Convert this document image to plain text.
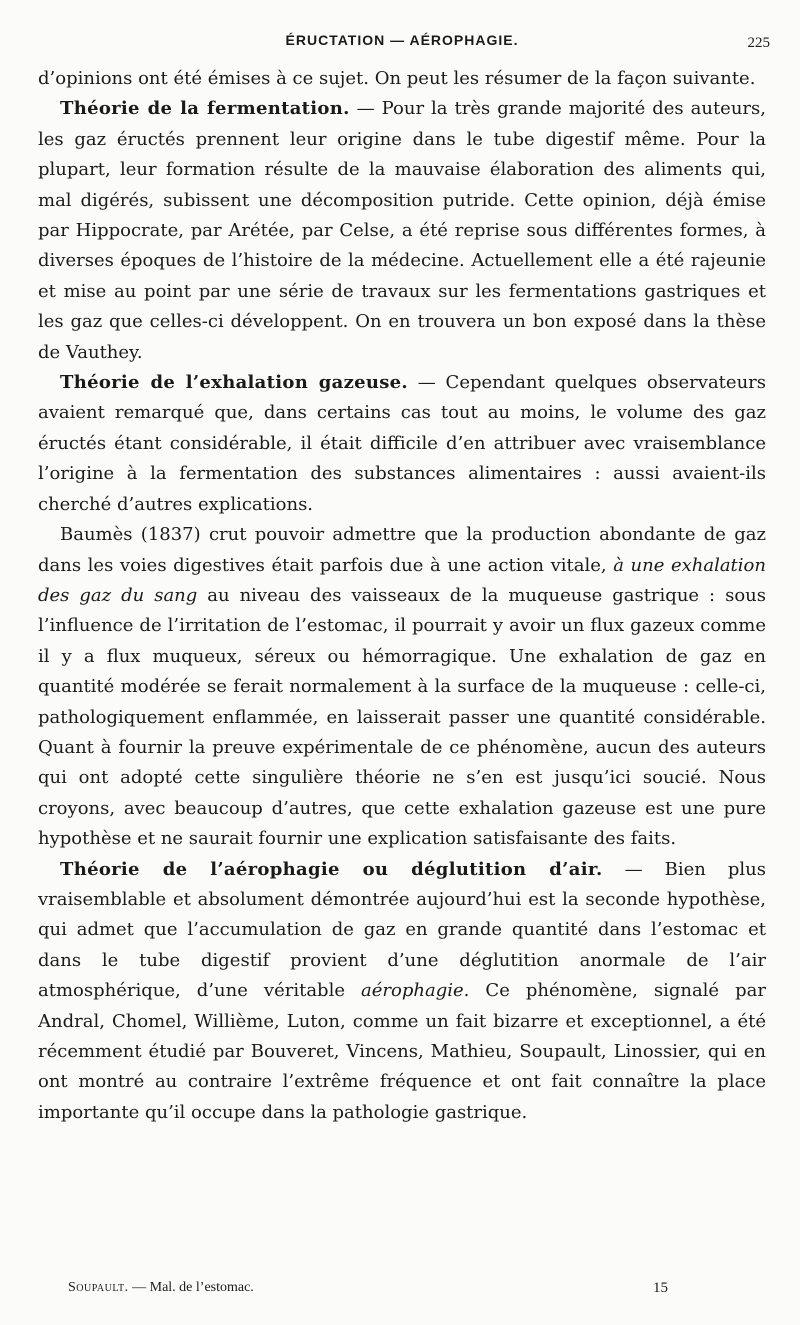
ÉRUCTATION — AÉROPHAGIE.	225

d’opinions ont été émises à ce sujet. On peut les résumer de la façon suivante.

Théorie de la fermentation. — Pour la très grande majorité des auteurs, les gaz éructés prennent leur origine dans le tube digestif même. Pour la plupart, leur formation résulte de la mauvaise élaboration des aliments qui, mal digérés, subissent une décomposition putride. Cette opinion, déjà émise par Hippocrate, par Arétée, par Celse, a été reprise sous différentes formes, à diverses époques de l’histoire de la médecine. Actuellement elle a été rajeunie et mise au point par une série de travaux sur les fermentations gastriques et les gaz que celles-ci développent. On en trouvera un bon exposé dans la thèse de Vauthey.

Théorie de l’exhalation gazeuse. — Cependant quelques observateurs avaient remarqué que, dans certains cas tout au moins, le volume des gaz éructés étant considérable, il était difficile d’en attribuer avec vraisemblance l’origine à la fermentation des substances alimentaires : aussi avaient-ils cherché d’autres explications.

Baumès (1837) crut pouvoir admettre que la production abondante de gaz dans les voies digestives était parfois due à une action vitale, à une exhalation des gaz du sang au niveau des vaisseaux de la muqueuse gastrique : sous l’influence de l’irritation de l’estomac, il pourrait y avoir un flux gazeux comme il y a flux muqueux, séreux ou hémorragique. Une exhalation de gaz en quantité modérée se ferait normalement à la surface de la muqueuse : celle-ci, pathologiquement enflammée, en laisserait passer une quantité considérable. Quant à fournir la preuve expérimentale de ce phénomène, aucun des auteurs qui ont adopté cette singulière théorie ne s’en est jusqu’ici soucié. Nous croyons, avec beaucoup d’autres, que cette exhalation gazeuse est une pure hypothèse et ne saurait fournir une explication satisfaisante des faits.

Théorie de l’aérophagie ou déglutition d’air. — Bien plus vraisemblable et absolument démontrée aujourd’hui est la seconde hypothèse, qui admet que l’accumulation de gaz en grande quantité dans l’estomac et dans le tube digestif provient d’une déglutition anormale de l’air atmosphérique, d’une véritable aérophagie. Ce phénomène, signalé par Andral, Chomel, Willième, Luton, comme un fait bizarre et exceptionnel, a été récemment étudié par Bouveret, Vincens, Mathieu, Soupault, Linossier, qui en ont montré au contraire l’extrême fréquence et ont fait connaître la place importante qu’il occupe dans la pathologie gastrique.

Soupault. — Mal. de l’estomac.	15
